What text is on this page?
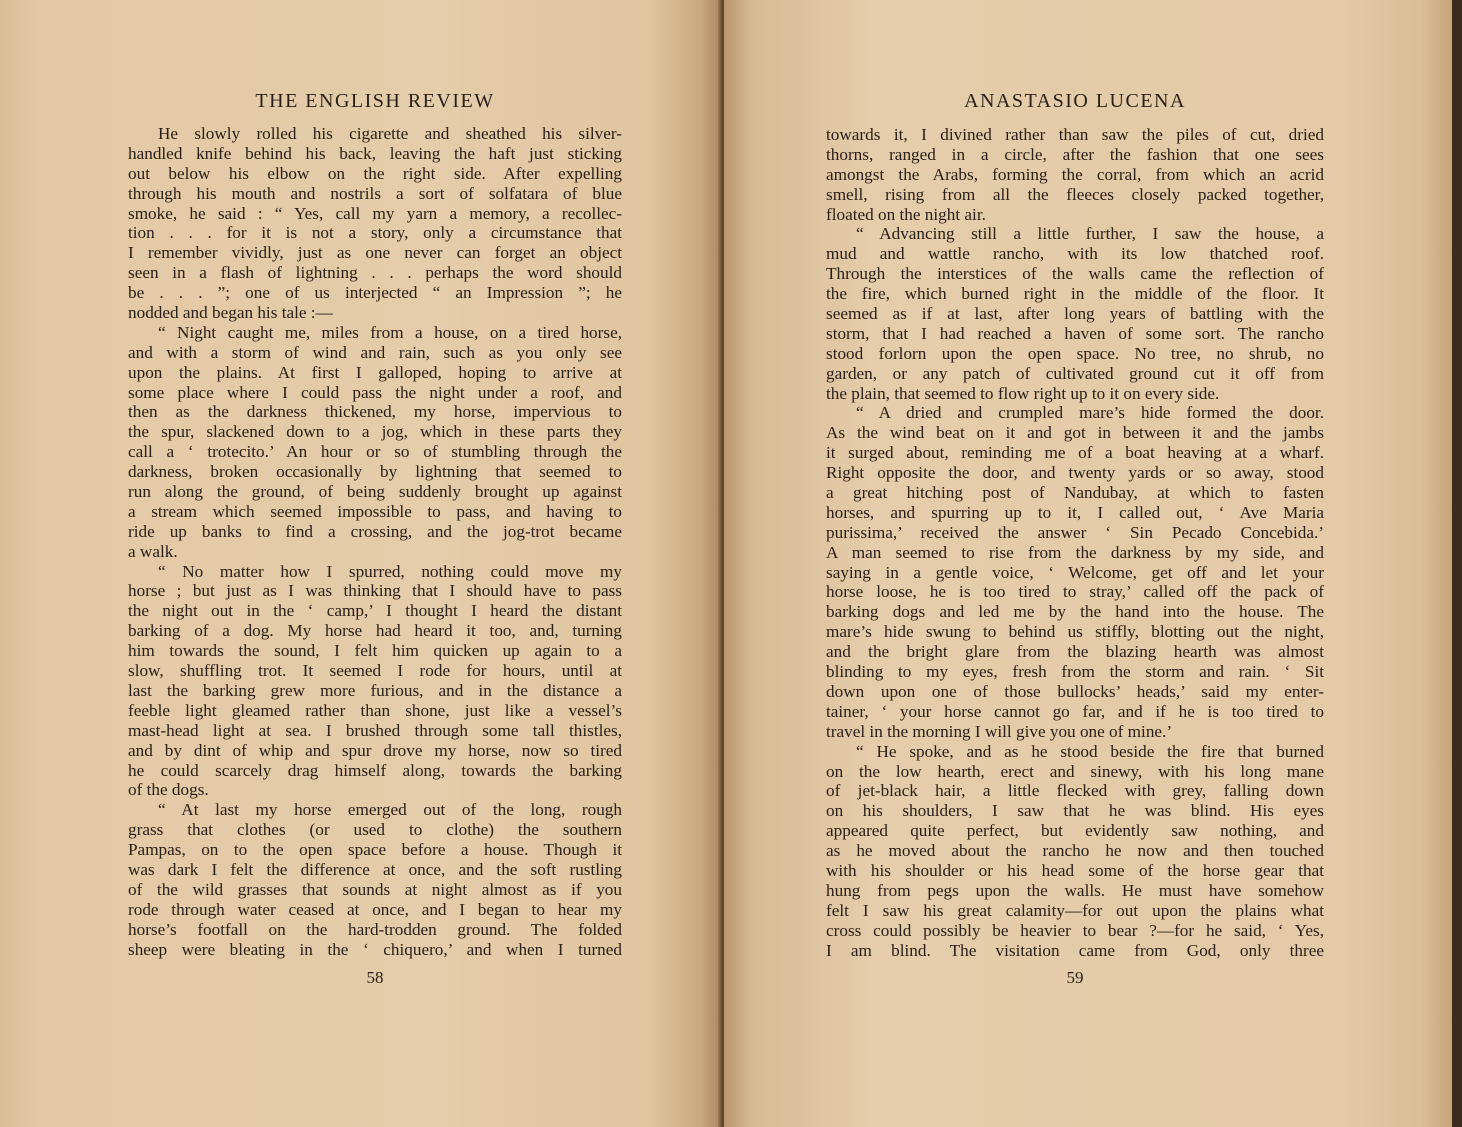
THE ENGLISH REVIEW
He slowly rolled his cigarette and sheathed his silver-
handled knife behind his back, leaving the haft just sticking
out below his elbow on the right side. After expelling
through his mouth and nostrils a sort of solfatara of blue
smoke, he said : “ Yes, call my yarn a memory, a recollec-
tion . . . for it is not a story, only a circumstance that
I remember vividly, just as one never can forget an object
seen in a flash of lightning . . . perhaps the word should
be . . . ”; one of us interjected “ an Impression ”; he
nodded and began his tale :—
“ Night caught me, miles from a house, on a tired horse,
and with a storm of wind and rain, such as you only see
upon the plains. At first I galloped, hoping to arrive at
some place where I could pass the night under a roof, and
then as the darkness thickened, my horse, impervious to
the spur, slackened down to a jog, which in these parts they
call a ‘ trotecito.’ An hour or so of stumbling through the
darkness, broken occasionally by lightning that seemed to
run along the ground, of being suddenly brought up against
a stream which seemed impossible to pass, and having to
ride up banks to find a crossing, and the jog-trot became
a walk.
“ No matter how I spurred, nothing could move my
horse ; but just as I was thinking that I should have to pass
the night out in the ‘ camp,’ I thought I heard the distant
barking of a dog. My horse had heard it too, and, turning
him towards the sound, I felt him quicken up again to a
slow, shuffling trot. It seemed I rode for hours, until at
last the barking grew more furious, and in the distance a
feeble light gleamed rather than shone, just like a vessel’s
mast-head light at sea. I brushed through some tall thistles,
and by dint of whip and spur drove my horse, now so tired
he could scarcely drag himself along, towards the barking
of the dogs.
“ At last my horse emerged out of the long, rough
grass that clothes (or used to clothe) the southern
Pampas, on to the open space before a house. Though it
was dark I felt the difference at once, and the soft rustling
of the wild grasses that sounds at night almost as if you
rode through water ceased at once, and I began to hear my
horse’s footfall on the hard-trodden ground. The folded
sheep were bleating in the ‘ chiquero,’ and when I turned
58
ANASTASIO LUCENA
towards it, I divined rather than saw the piles of cut, dried
thorns, ranged in a circle, after the fashion that one sees
amongst the Arabs, forming the corral, from which an acrid
smell, rising from all the fleeces closely packed together,
floated on the night air.
“ Advancing still a little further, I saw the house, a
mud and wattle rancho, with its low thatched roof.
Through the interstices of the walls came the reflection of
the fire, which burned right in the middle of the floor. It
seemed as if at last, after long years of battling with the
storm, that I had reached a haven of some sort. The rancho
stood forlorn upon the open space. No tree, no shrub, no
garden, or any patch of cultivated ground cut it off from
the plain, that seemed to flow right up to it on every side.
“ A dried and crumpled mare’s hide formed the door.
As the wind beat on it and got in between it and the jambs
it surged about, reminding me of a boat heaving at a wharf.
Right opposite the door, and twenty yards or so away, stood
a great hitching post of Nandubay, at which to fasten
horses, and spurring up to it, I called out, ‘ Ave Maria
purissima,’ received the answer ‘ Sin Pecado Concebida.’
A man seemed to rise from the darkness by my side, and
saying in a gentle voice, ‘ Welcome, get off and let your
horse loose, he is too tired to stray,’ called off the pack of
barking dogs and led me by the hand into the house. The
mare’s hide swung to behind us stiffly, blotting out the night,
and the bright glare from the blazing hearth was almost
blinding to my eyes, fresh from the storm and rain. ‘ Sit
down upon one of those bullocks’ heads,’ said my enter-
tainer, ‘ your horse cannot go far, and if he is too tired to
travel in the morning I will give you one of mine.’
“ He spoke, and as he stood beside the fire that burned
on the low hearth, erect and sinewy, with his long mane
of jet-black hair, a little flecked with grey, falling down
on his shoulders, I saw that he was blind. His eyes
appeared quite perfect, but evidently saw nothing, and
as he moved about the rancho he now and then touched
with his shoulder or his head some of the horse gear that
hung from pegs upon the walls. He must have somehow
felt I saw his great calamity—for out upon the plains what
cross could possibly be heavier to bear ?—for he said, ‘ Yes,
I am blind. The visitation came from God, only three
59
